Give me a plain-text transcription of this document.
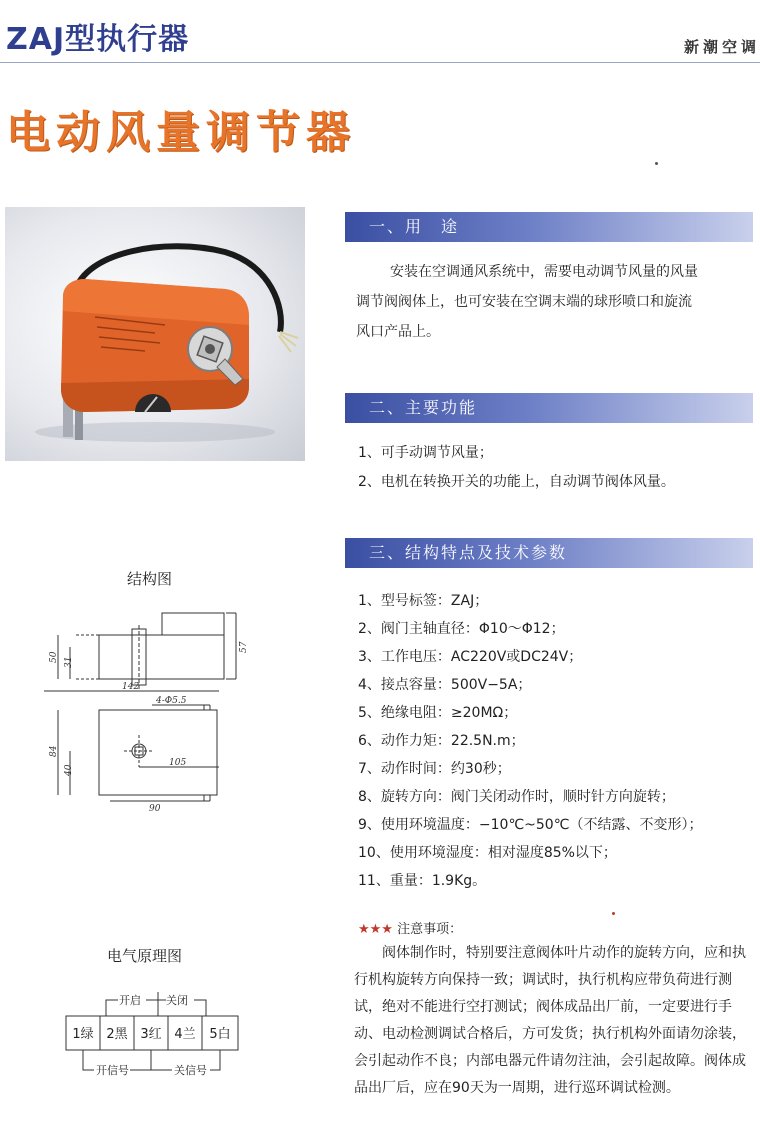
ZAJ型执行器	新潮空调
电动风量调节器
一、用　途
安装在空调通风系统中，需要电动调节风量的风量
调节阀阀体上，也可安装在空调末端的球形喷口和旋流
风口产品上。
二、主要功能
1、可手动调节风量；
2、电机在转换开关的功能上，自动调节阀体风量。
三、结构特点及技术参数
1、型号标签：ZAJ；
2、阀门主轴直径：Φ10～Φ12；
3、工作电压：AC220V或DC24V；
4、接点容量：500V−5A；
5、绝缘电阻：≥20MΩ；
6、动作力矩：22.5N.m；
7、动作时间：约30秒；
8、旋转方向：阀门关闭动作时，顺时针方向旋转；
9、使用环境温度：−10℃~50℃（不结露、不变形）；
10、使用环境湿度：相对湿度85%以下；
11、重量：1.9Kg。
结构图
50 31
57
142
4-Φ5.5
84
40
105
90
电气原理图
开启 关闭
1绿 2黑 3红 4兰 5白
开信号	关信号
★★★ 注意事项：
阀体制作时，特别要注意阀体叶片动作的旋转方向，应和执行机构旋转方向保持一致；调试时，执行机构应带负荷进行测试，绝对不能进行空打测试；阀体成品出厂前，一定要进行手动、电动检测调试合格后，方可发货；执行机构外面请勿涂装，会引起动作不良；内部电器元件请勿注油，会引起故障。阀体成品出厂后，应在90天为一周期，进行巡环调试检测。
